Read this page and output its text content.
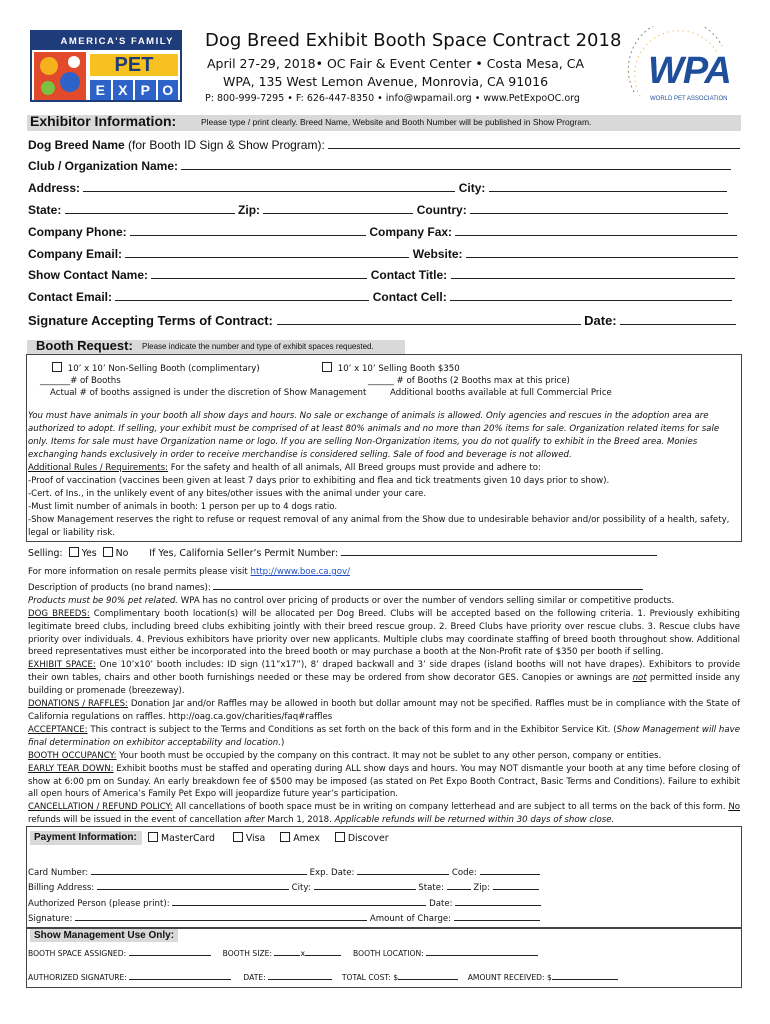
AMERICA'S FAMILY
PET
E X P O
Dog Breed Exhibit Booth Space Contract 2018
April 27-29, 2018• OC Fair & Event Center • Costa Mesa, CA
WPA, 135 West Lemon Avenue, Monrovia, CA 91016
P: 800-999-7295 • F: 626-447-8350 • info@wpamail.org • www.PetExpoOC.org
WPA
WORLD PET ASSOCIATION
Exhibitor Information:	Please type / print clearly. Breed Name, Website and Booth Number will be published in Show Program.
Dog Breed Name (for Booth ID Sign & Show Program):
Club / Organization Name:
Address:	City:
State:	Zip:	Country:
Company Phone:	Company Fax:
Company Email:	Website:
Show Contact Name:	Contact Title:
Contact Email:	Contact Cell:
Signature Accepting Terms of Contract:	Date:
Booth Request: Please indicate the number and type of exhibit spaces requested.
10’ x 10’ Non-Selling Booth (complimentary)
_______# of Booths
Actual # of booths assigned is under the discretion of Show Management
10’ x 10’ Selling Booth $350
______ # of Booths (2 Booths max at this price)
Additional booths available at full Commercial Price
You must have animals in your booth all show days and hours. No sale or exchange of animals is allowed. Only agencies and rescues in the adoption area are authorized to adopt. If selling, your exhibit must be comprised of at least 80% animals and no more than 20% items for sale. Organization related items for sale only. Items for sale must have Organization name or logo. If you are selling Non-Organization items, you do not qualify to exhibit in the Breed area. Monies exchanging hands exclusively in order to receive merchandise is considered selling. Sale of food and beverage is not allowed.
Additional Rules / Requirements: For the safety and health of all animals, All Breed groups must provide and adhere to:
-Proof of vaccination (vaccines been given at least 7 days prior to exhibiting and flea and tick treatments given 10 days prior to show).
-Cert. of Ins., in the unlikely event of any bites/other issues with the animal under your care.
-Must limit number of animals in booth: 1 person per up to 4 dogs ratio.
-Show Management reserves the right to refuse or request removal of any animal from the Show due to undesirable behavior and/or possibility of a health, safety, legal or liability risk.
Selling: Yes No If Yes, California Seller’s Permit Number:
For more information on resale permits please visit http://www.boe.ca.gov/
Description of products (no brand names):
Products must be 90% pet related. WPA has no control over pricing of products or over the number of vendors selling similar or competitive products.
DOG BREEDS: Complimentary booth location(s) will be allocated per Dog Breed. Clubs will be accepted based on the following criteria. 1. Previously exhibiting legitimate breed clubs, including breed clubs exhibiting jointly with their breed rescue group. 2. Breed Clubs have priority over rescue clubs. 3. Rescue clubs have priority over individuals. 4. Previous exhibitors have priority over new applicants. Multiple clubs may coordinate staffing of breed booth throughout show. Additional breed representatives must either be incorporated into the breed booth or may purchase a booth at the Non-Profit rate of $350 per booth if selling.
EXHIBIT SPACE: One 10’x10’ booth includes: ID sign (11”x17”), 8’ draped backwall and 3’ side drapes (island booths will not have drapes). Exhibitors to provide their own tables, chairs and other booth furnishings needed or these may be ordered from show decorator GES. Canopies or awnings are not permitted inside any building or promenade (breezeway).
DONATIONS / RAFFLES: Donation Jar and/or Raffles may be allowed in booth but dollar amount may not be specified. Raffles must be in compliance with the State of California regulations on raffles. http://oag.ca.gov/charities/faq#raffles
ACCEPTANCE: This contract is subject to the Terms and Conditions as set forth on the back of this form and in the Exhibitor Service Kit. (Show Management will have final determination on exhibitor acceptability and location.)
BOOTH OCCUPANCY: Your booth must be occupied by the company on this contract. It may not be sublet to any other person, company or entities.
EARLY TEAR DOWN: Exhibit booths must be staffed and operating during ALL show days and hours. You may NOT dismantle your booth at any time before closing of show at 6:00 pm on Sunday. An early breakdown fee of $500 may be imposed (as stated on Pet Expo Booth Contract, Basic Terms and Conditions). Failure to exhibit all open hours of America’s Family Pet Expo will jeopardize future year’s participation.
CANCELLATION / REFUND POLICY: All cancellations of booth space must be in writing on company letterhead and are subject to all terms on the back of this form. No refunds will be issued in the event of cancellation after March 1, 2018. Applicable refunds will be returned within 30 days of show close.
Payment Information:	MasterCard	Visa	Amex	Discover
Card Number:	Exp. Date:	Code:
Billing Address:	City:	State:	Zip:
Authorized Person (please print):	Date:
Signature:	Amount of Charge:
Show Management Use Only:
BOOTH SPACE ASSIGNED:	BOOTH SIZE:	x	BOOTH LOCATION:
AUTHORIZED SIGNATURE:	DATE:	TOTAL COST: $	AMOUNT RECEIVED: $
